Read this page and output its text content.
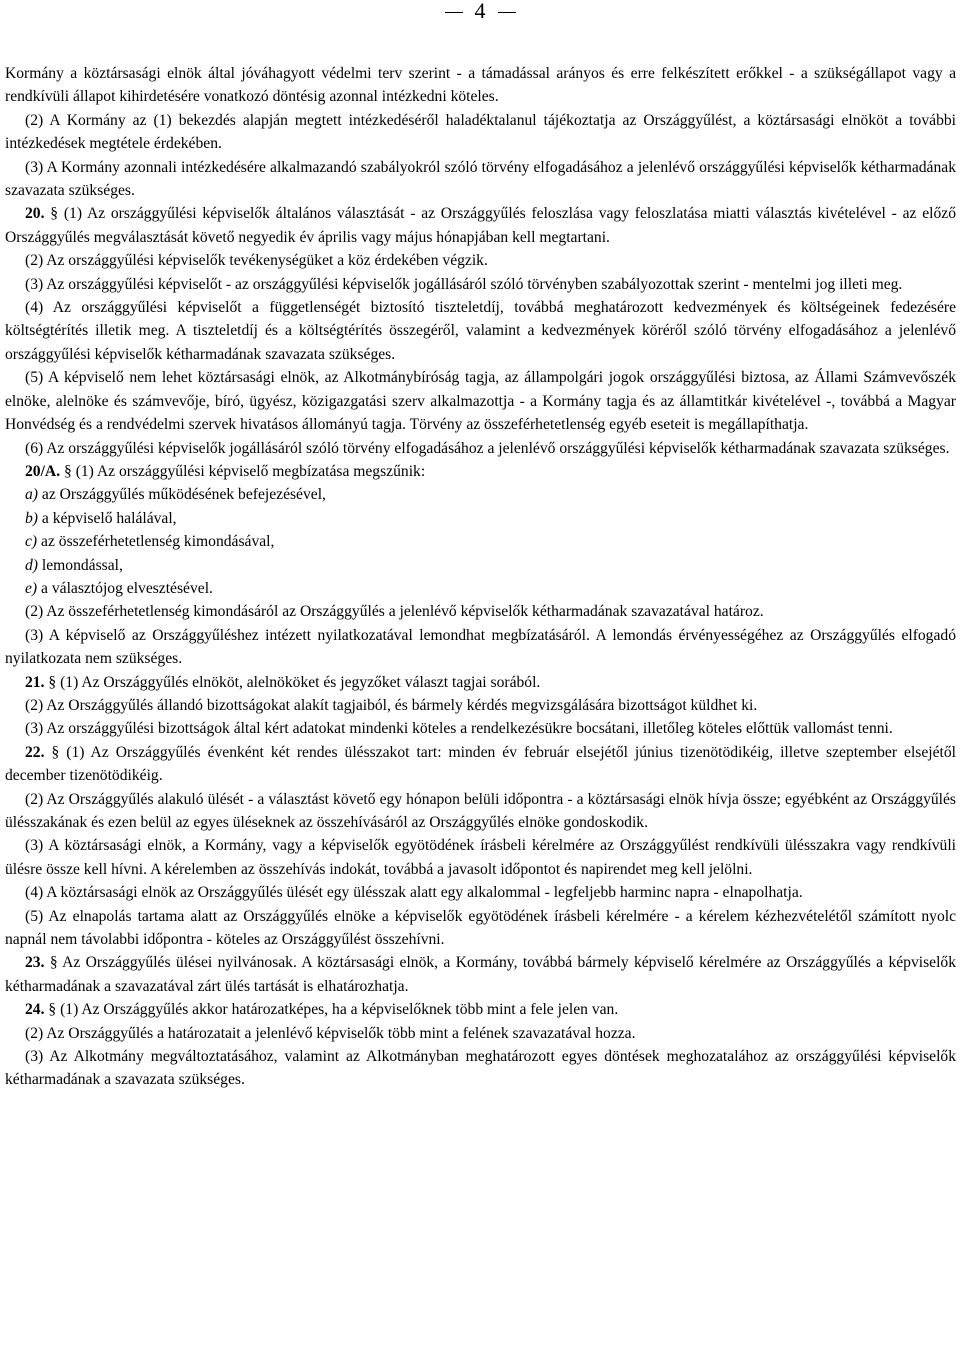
4

Kormány a köztársasági elnök által jóváhagyott védelmi terv szerint - a támadással arányos és erre felkészített erőkkel - a szükségállapot vagy a rendkívüli állapot kihirdetésére vonatkozó döntésig azonnal intézkedni köteles.

(2) A Kormány az (1) bekezdés alapján megtett intézkedéséről haladéktalanul tájékoztatja az Országgyűlést, a köztársasági elnököt a további intézkedések megtétele érdekében.

(3) A Kormány azonnali intézkedésére alkalmazandó szabályokról szóló törvény elfogadásához a jelenlévő országgyűlési képviselők kétharmadának szavazata szükséges.

20. § (1) Az országgyűlési képviselők általános választását - az Országgyűlés feloszlása vagy feloszlatása miatti választás kivételével - az előző Országgyűlés megválasztását követő negyedik év április vagy május hónapjában kell megtartani.

(2) Az országgyűlési képviselők tevékenységüket a köz érdekében végzik.

(3) Az országgyűlési képviselőt - az országgyűlési képviselők jogállásáról szóló törvényben szabályozottak szerint - mentelmi jog illeti meg.

(4) Az országgyűlési képviselőt a függetlenségét biztosító tiszteletdíj, továbbá meghatározott kedvezmények és költségeinek fedezésére költségtérítés illetik meg. A tiszteletdíj és a költségtérítés összegéről, valamint a kedvezmények köréről szóló törvény elfogadásához a jelenlévő országgyűlési képviselők kétharmadának szavazata szükséges.

(5) A képviselő nem lehet köztársasági elnök, az Alkotmánybíróság tagja, az állampolgári jogok országgyűlési biztosa, az Állami Számvevőszék elnöke, alelnöke és számvevője, bíró, ügyész, közigazgatási szerv alkalmazottja - a Kormány tagja és az államtitkár kivételével -, továbbá a Magyar Honvédség és a rendvédelmi szervek hivatásos állományú tagja. Törvény az összeférhetetlenség egyéb eseteit is megállapíthatja.

(6) Az országgyűlési képviselők jogállásáról szóló törvény elfogadásához a jelenlévő országgyűlési képviselők kétharmadának szavazata szükséges.

20/A. § (1) Az országgyűlési képviselő megbízatása megszűnik:

a) az Országgyűlés működésének befejezésével,

b) a képviselő halálával,

c) az összeférhetetlenség kimondásával,

d) lemondással,

e) a választójog elvesztésével.

(2) Az összeférhetetlenség kimondásáról az Országgyűlés a jelenlévő képviselők kétharmadának szavazatával határoz.

(3) A képviselő az Országgyűléshez intézett nyilatkozatával lemondhat megbízatásáról. A lemondás érvényességéhez az Országgyűlés elfogadó nyilatkozata nem szükséges.

21. § (1) Az Országgyűlés elnököt, alelnököket és jegyzőket választ tagjai sorából.

(2) Az Országgyűlés állandó bizottságokat alakít tagjaiból, és bármely kérdés megvizsgálására bizottságot küldhet ki.

(3) Az országgyűlési bizottságok által kért adatokat mindenki köteles a rendelkezésükre bocsátani, illetőleg köteles előttük vallomást tenni.

22. § (1) Az Országgyűlés évenként két rendes ülésszakot tart: minden év február elsejétől június tizenötödikéig, illetve szeptember elsejétől december tizenötödikéig.

(2) Az Országgyűlés alakuló ülését - a választást követő egy hónapon belüli időpontra - a köztársasági elnök hívja össze; egyébként az Országgyűlés ülésszakának és ezen belül az egyes üléseknek az összehívásáról az Országgyűlés elnöke gondoskodik.

(3) A köztársasági elnök, a Kormány, vagy a képviselők egyötödének írásbeli kérelmére az Országgyűlést rendkívüli ülésszakra vagy rendkívüli ülésre össze kell hívni. A kérelemben az összehívás indokát, továbbá a javasolt időpontot és napirendet meg kell jelölni.

(4) A köztársasági elnök az Országgyűlés ülését egy ülésszak alatt egy alkalommal - legfeljebb harminc napra - elnapolhatja.

(5) Az elnapolás tartama alatt az Országgyűlés elnöke a képviselők egyötödének írásbeli kérelmére - a kérelem kézhezvételétől számított nyolc napnál nem távolabbi időpontra - köteles az Országgyűlést összehívni.

23. § Az Országgyűlés ülései nyilvánosak. A köztársasági elnök, a Kormány, továbbá bármely képviselő kérelmére az Országgyűlés a képviselők kétharmadának a szavazatával zárt ülés tartását is elhatározhatja.

24. § (1) Az Országgyűlés akkor határozatképes, ha a képviselőknek több mint a fele jelen van.

(2) Az Országgyűlés a határozatait a jelenlévő képviselők több mint a felének szavazatával hozza.

(3) Az Alkotmány megváltoztatásához, valamint az Alkotmányban meghatározott egyes döntések meghozatalához az országgyűlési képviselők kétharmadának a szavazata szükséges.
